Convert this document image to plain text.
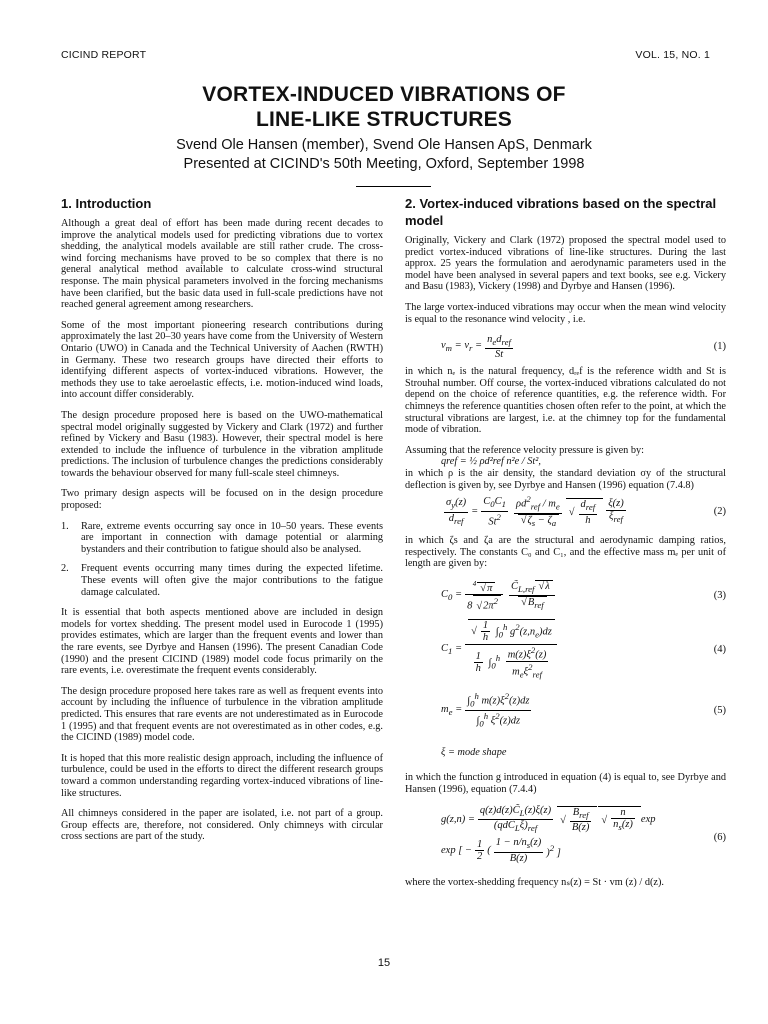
CICIND REPORT	VOL. 15, NO. 1
VORTEX-INDUCED VIBRATIONS OF
LINE-LIKE STRUCTURES
Svend Ole Hansen (member), Svend Ole Hansen ApS, Denmark
Presented at CICIND's 50th Meeting, Oxford, September 1998
1. Introduction

Although a great deal of effort has been made during recent decades to improve the analytical models used for predicting vibrations due to vortex shedding, the analytical models available are still rather crude. The cross-wind forcing mechanisms have proved to be so complex that there is no general analytical method available to calculate cross-wind structural response. The main physical parameters involved in the forcing mechanisms have been clarified, but the basic data used in full-scale predictions have not reached general agreement among researchers.

Some of the most important pioneering research contributions during approximately the last 20–30 years have come from the University of Western Ontario (UWO) in Canada and the Technical University of Aachen (RWTH) in Germany. These two research groups have directed their efforts to identifying different aspects of vortex-induced vibrations. However, the methods they use to take aeroelastic effects, i.e. motion-induced wind loads, into account differ considerably.

The design procedure proposed here is based on the UWO-mathematical spectral model originally suggested by Vickery and Clark (1972) and further refined by Vickery and Basu (1983). However, their spectral model is here extended to include the influence of turbulence in the vibration amplitude predictions. The inclusion of turbulence changes the predictions considerably towards the behaviour observed for many full-scale steel chimneys.

Two primary design aspects will be focused on in the design procedure proposed:

1. Rare, extreme events occurring say once in 10–50 years. These events are important in connection with damage potential or alarming bystanders and their contribution to fatigue should also be analysed.
2. Frequent events occurring many times during the expected lifetime. These events will often give the major contributions to the fatigue damage calculated.

It is essential that both aspects mentioned above are included in design models for vortex shedding. The present model used in Eurocode 1 (1995) provides estimates, which are larger than the frequent events and lower than the rare events, see Dyrbye and Hansen (1996). The present Canadian Code (1990) and the present CICIND (1989) model code focus primarily on the rare events, i.e. overestimate the frequent events considerably.

The design procedure proposed here takes rare as well as frequent events into account by including the influence of turbulence in the vibration amplitude predicted. This ensures that rare events are not underestimated as in Eurocode 1 (1995) and that frequent events are not overestimated as in other codes, e.g. the CICIND (1989) model code.

It is hoped that this more realistic design approach, including the influence of turbulence, could be used in the efforts to direct the different research groups toward a common understanding regarding vortex-induced vibrations of line-like structures.

All chimneys considered in the paper are isolated, i.e. not part of a group. Group effects are, therefore, not considered. Only chimneys with circular cross sections are part of the study.

2. Vortex-induced vibrations based on the spectral model

Originally, Vickery and Clark (1972) proposed the spectral model used to predict vortex-induced vibrations of line-like structures. During the last approx. 25 years the formulation and aerodynamic parameters used in the model have been analysed in several papers and text books, see e.g. Vickery and Basu (1983), Vickery (1998) and Dyrbye and Hansen (1996).

The large vortex-induced vibrations may occur when the mean wind velocity is equal to the resonance wind velocity , i.e.

$v_m = v_r = \frac{n_ed_{ref}}{St}$	(1)

in which nₑ is the natural frequency, dᵣₑf is the reference width and St is Strouhal number. Off course, the vortex-induced vibrations calculated do not depend on the choice of reference quantities, e.g. the reference width. For chimneys the reference quantities chosen often refer to the point, at which the structural vibrations are largest, i.e. at the chimney top for the fundamental mode of vibration.

Assuming that the reference velocity pressure is given by:
qref = ½ ρd²ref n²e / St²,
in which ρ is the air density, the standard deviation σy of the structural deflection is given by, see Dyrbye and Hansen (1996) equation (7.4.8)

$\frac{\sigma_y(z)}{d_{ref}} = \frac{C_0C_1}{St^2} \rho d^2_{ref} / m_e$
√ $\zeta_s - \zeta_a$
√ $\frac{d_{ref}}{h} \frac{\xi(z)}{\xi_{ref}}$	(2)

in which ζs and ζa are the structural and aerodynamic damping ratios, respectively. The constants C₀ and C₁, and the effective mass mₑ per unit of length are given by:

$C_0 = \frac{^4√ \pi}{8√ 2\pi^2}$ $C̃_{L,ref}√$ λ
√ $B_{ref}$	(3)
$C_1$ =
√ $\frac{\frac{1}{h} \int_0^h g^2(z,n_e)dz}{\frac{1}{h} \int_0^h \frac{m(z)\xi^2(z)}{m_e\xi^2_{ref}}}$	(4)
$m_e = \frac{\int_0^h m(z)\xi^2(z)dz}{\int_0^h \xi^2(z)dz}$	(5)

ξ = mode shape

in which the function g introduced in equation (4) is equal to, see Dyrbye and Hansen (1996), equation (7.4.4)

$g(z,n) = \frac{q(z)d(z)C̃_L(z)\xi(z)}{(qdC̃_L\xi)_{ref}}$
√ $\frac{B_{ref}}{B(z)}$
√ $\frac{n}{n_s(z)}$ exp
exp [ − $\frac{1}{2}$ ( $\frac{1 - n/n_s(z)}{B(z)} )^2$ ]
(6)

where the vortex-shedding frequency nₛ(z) = St · vm (z) / d(z).

15
